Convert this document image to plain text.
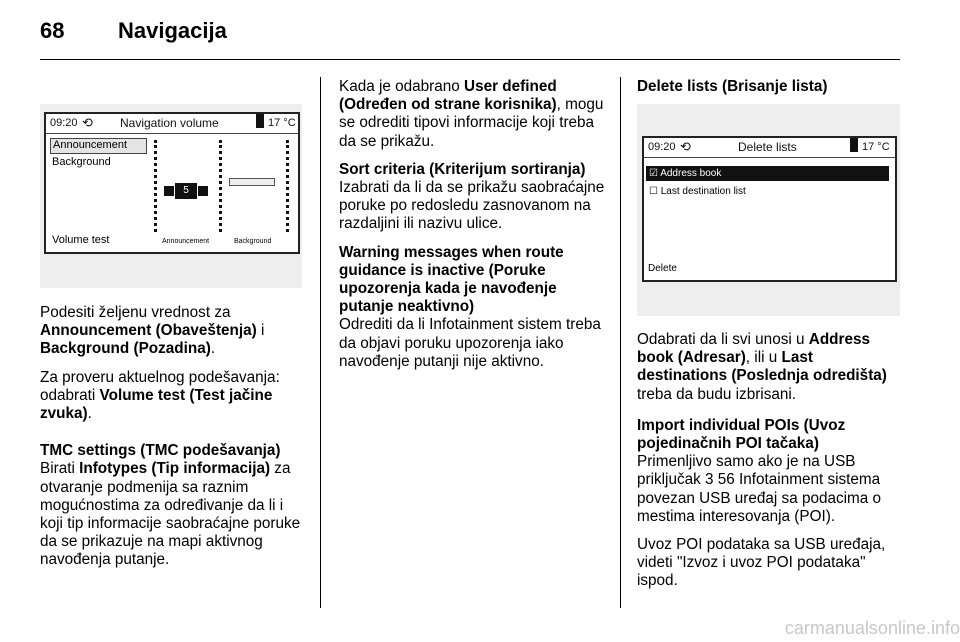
68 Navigacija
09:20 ⟲ Navigation volume	17 °C
Announcement
Background
Volume test
5
Announcement	Background

Podesiti željenu vrednost za Announcement (Obaveštenja) i Background (Pozadina).

Za proveru aktuelnog podešavanja: odabrati Volume test (Test jačine zvuka).

TMC settings (TMC podešavanja)
Birati Infotypes (Tip informacija) za otvaranje podmenija sa raznim mogućnostima za određivanje da li i koji tip informacije saobraćajne poruke da se prikazuje na mapi aktivnog navođenja putanje.

Kada je odabrano User defined (Određen od strane korisnika), mogu se odrediti tipovi informacije koji treba da se prikažu.

Sort criteria (Kriterijum sortiranja)
Izabrati da li da se prikažu saobraćajne poruke po redosledu zasnovanom na razdaljini ili nazivu ulice.

Warning messages when route guidance is inactive (Poruke upozorenja kada je navođenje putanje neaktivno)
Odrediti da li Infotainment sistem treba da objavi poruku upozorenja iako navođenje putanji nije aktivno.

Delete lists (Brisanje lista)
09:20 ⟲	Delete lists	17 °C
☑ Address book
☐ Last destination list
Delete

Odabrati da li svi unosi u Address book (Adresar), ili u Last destinations (Poslednja odredišta) treba da budu izbrisani.

Import individual POIs (Uvoz pojedinačnih POI tačaka)
Primenljivo samo ako je na USB priključak 3 56 Infotainment sistema povezan USB uređaj sa podacima o mestima interesovanja (POI).

Uvoz POI podataka sa USB uređaja, videti "Izvoz i uvoz POI podataka" ispod.

carmanualsonline.info
